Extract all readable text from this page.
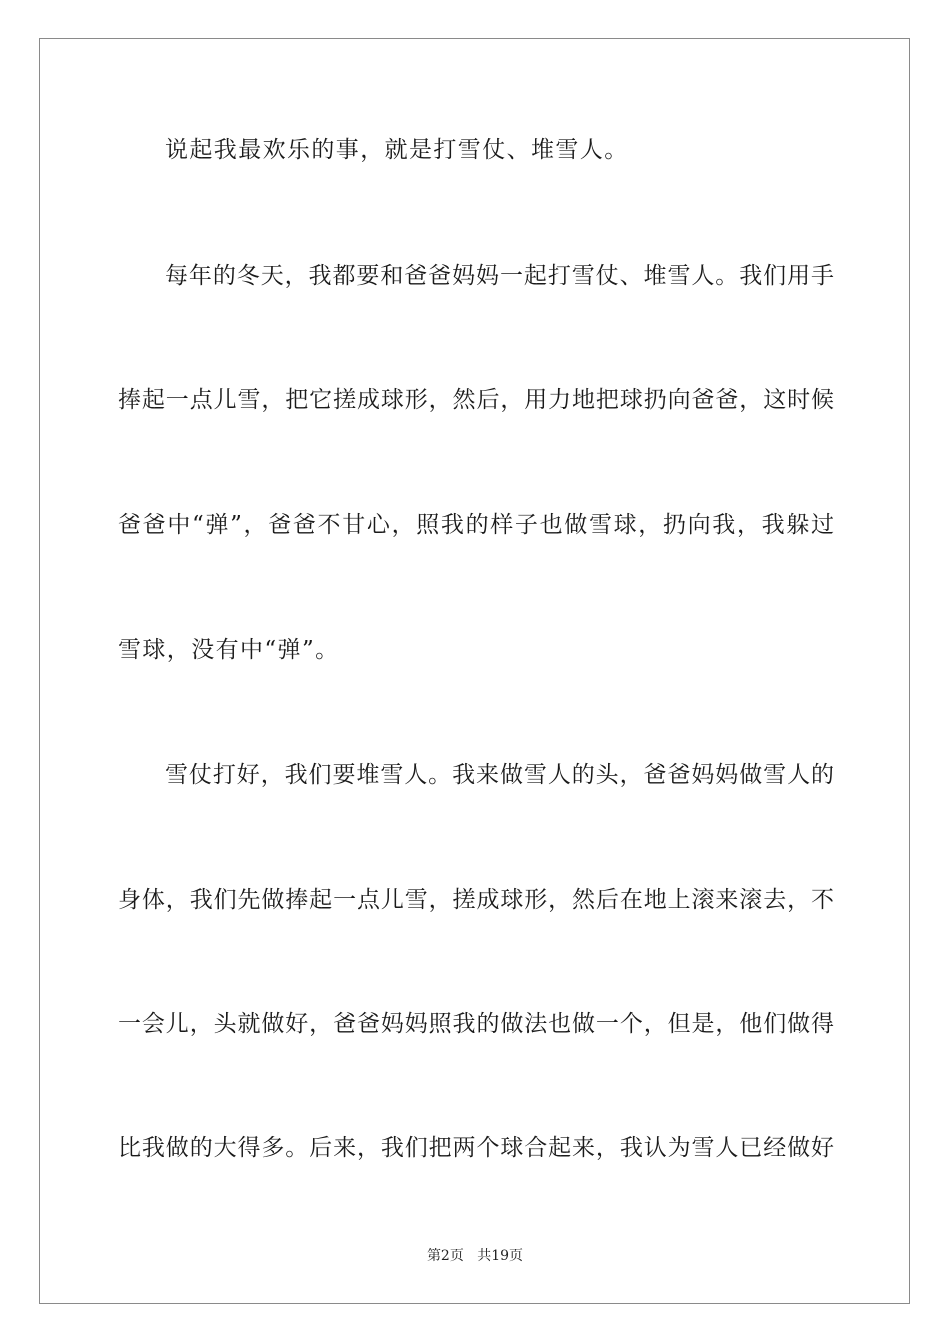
说起我最欢乐的事，就是打雪仗、堆雪人。
每年的冬天，我都要和爸爸妈妈一起打雪仗、堆雪人。我们用手
捧起一点儿雪，把它搓成球形，然后，用力地把球扔向爸爸，这时候
爸爸中“弹”，爸爸不甘心，照我的样子也做雪球，扔向我，我躲过
雪球，没有中“弹”。
雪仗打好，我们要堆雪人。我来做雪人的头，爸爸妈妈做雪人的
身体，我们先做捧起一点儿雪，搓成球形，然后在地上滚来滚去，不
一会儿，头就做好，爸爸妈妈照我的做法也做一个，但是，他们做得
比我做的大得多。后来，我们把两个球合起来，我认为雪人已经做好
第2页 共19页
